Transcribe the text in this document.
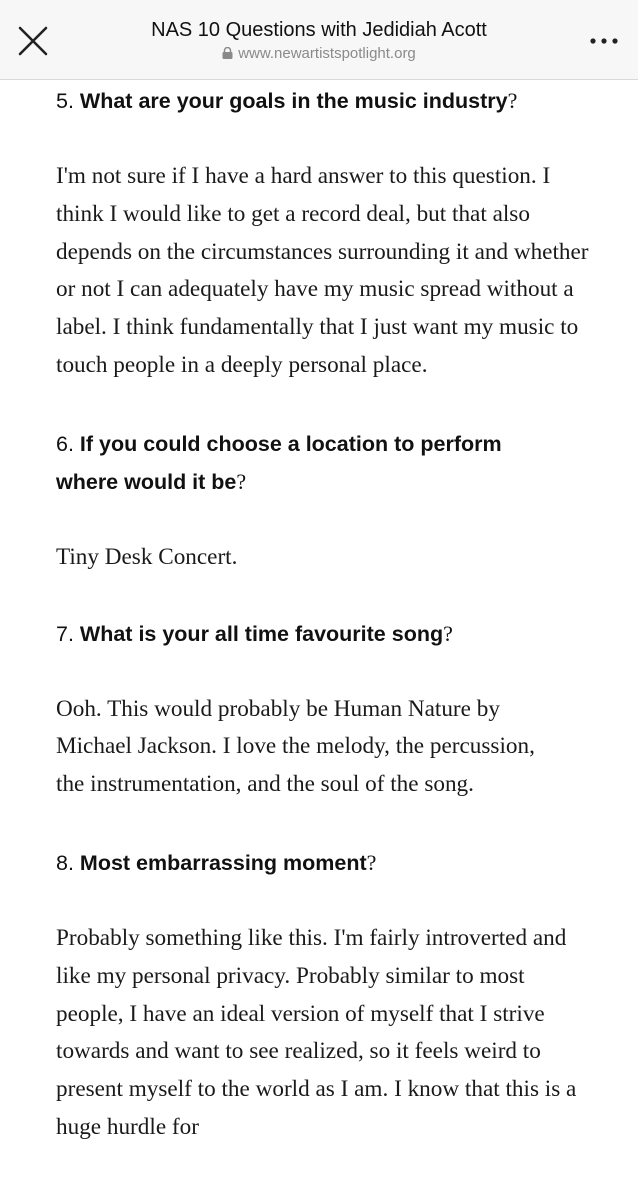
NAS 10 Questions with Jedidiah Acott
www.newartistspotlight.org

5. What are your goals in the music industry?

I'm not sure if I have a hard answer to this question. I think I would like to get a record deal, but that also depends on the circumstances surrounding it and whether or not I can adequately have my music spread without a label. I think fundamentally that I just want my music to touch people in a deeply personal place.

6. If you could choose a location to perform where would it be?

Tiny Desk Concert.

7. What is your all time favourite song?

Ooh. This would probably be Human Nature by Michael Jackson. I love the melody, the percussion, the instrumentation, and the soul of the song.

8. Most embarrassing moment?

Probably something like this. I'm fairly introverted and like my personal privacy. Probably similar to most people, I have an ideal version of myself that I strive towards and want to see realized, so it feels weird to present myself to the world as I am. I know that this is a huge hurdle for
